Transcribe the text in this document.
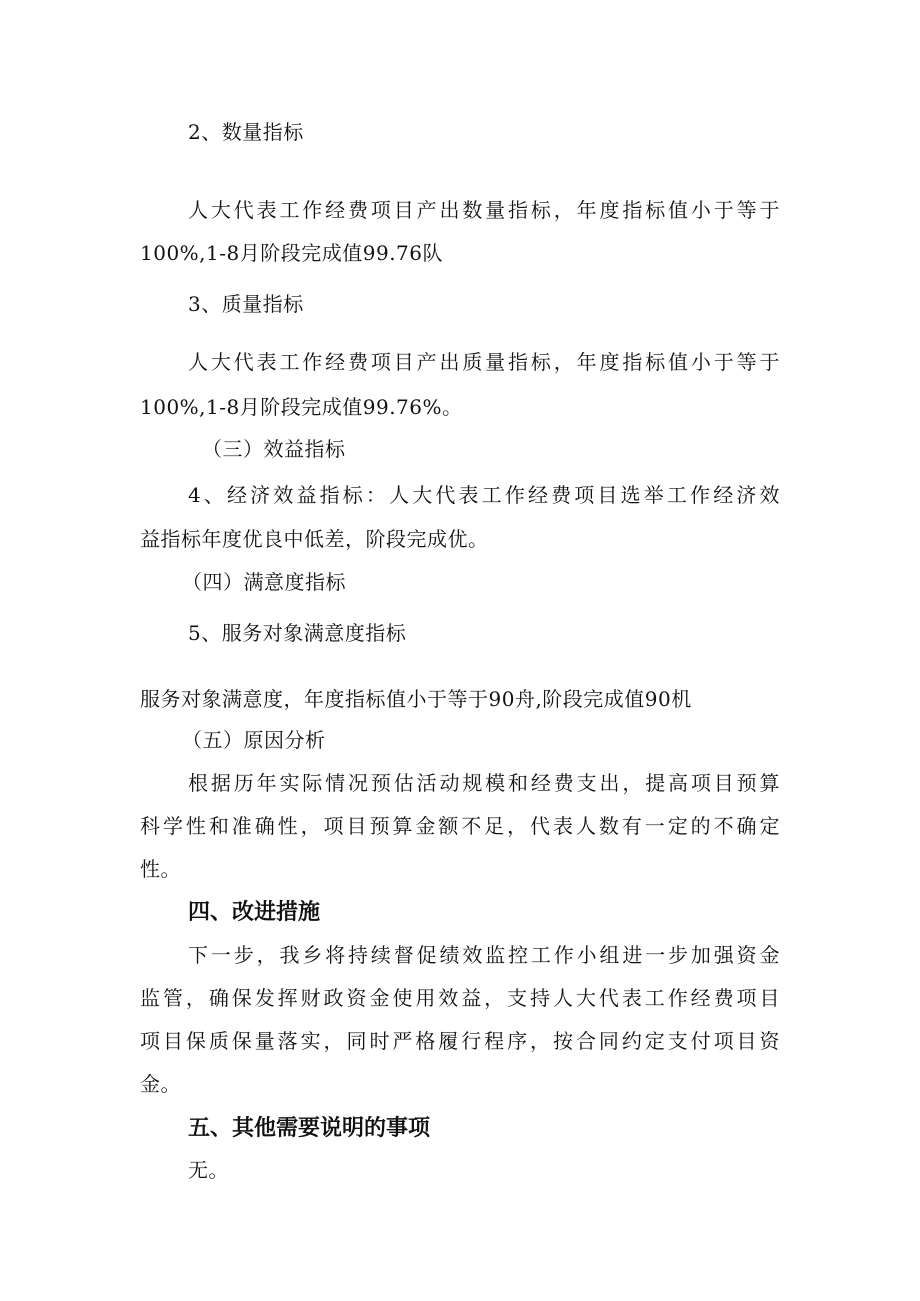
2、数量指标
人大代表工作经费项目产出数量指标，年度指标值小于等于
100%,1-8月阶段完成值99.76队
3、质量指标
人大代表工作经费项目产出质量指标，年度指标值小于等于
100%,1-8月阶段完成值99.76%。
（三）效益指标
4、经济效益指标：人大代表工作经费项目选举工作经济效
益指标年度优良中低差，阶段完成优。
（四）满意度指标
5、服务对象满意度指标
服务对象满意度，年度指标值小于等于90舟,阶段完成值90机
（五）原因分析
根据历年实际情况预估活动规模和经费支出，提高项目预算
科学性和准确性，项目预算金额不足，代表人数有一定的不确定
性。
四、改进措施
下一步，我乡将持续督促绩效监控工作小组进一步加强资金
监管，确保发挥财政资金使用效益，支持人大代表工作经费项目
项目保质保量落实，同时严格履行程序，按合同约定支付项目资
金。
五、其他需要说明的事项
无。
